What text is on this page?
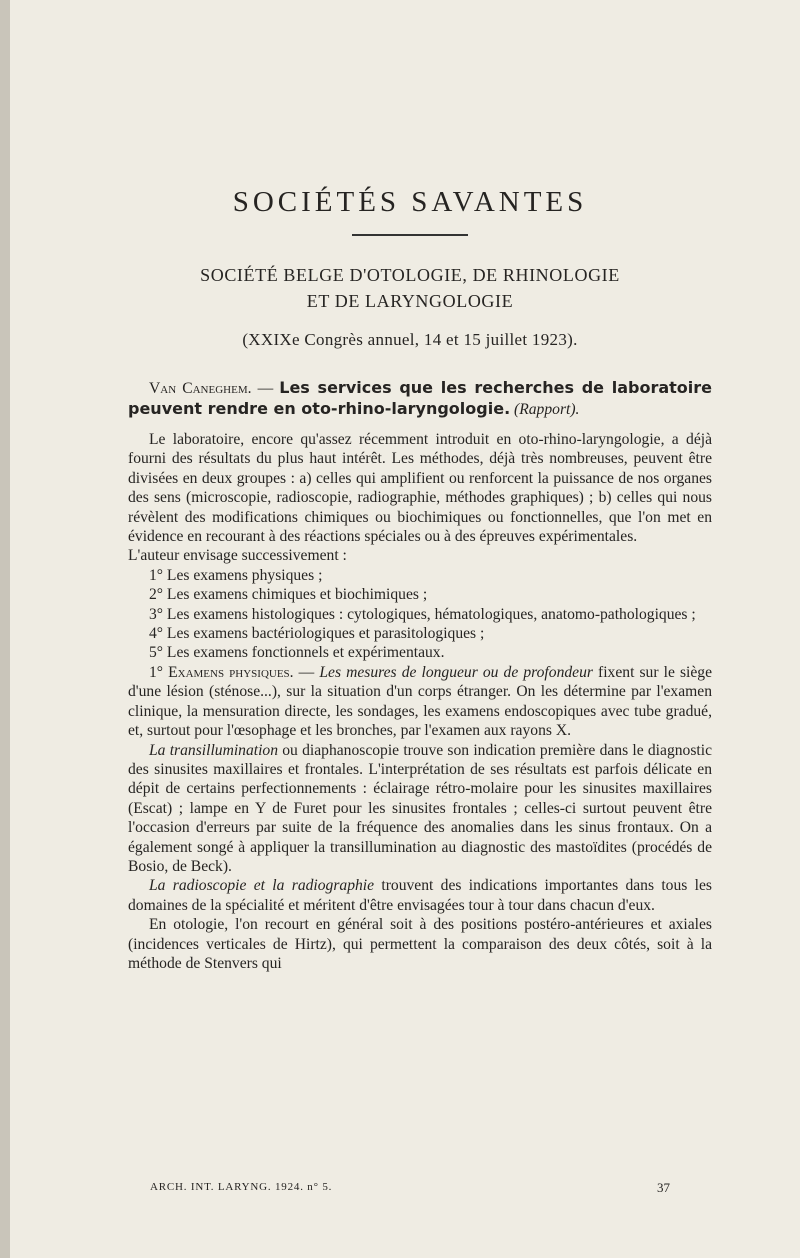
SOCIÉTÉS SAVANTES
SOCIÉTÉ BELGE D'OTOLOGIE, DE RHINOLOGIE
ET DE LARYNGOLOGIE
(XXIXe Congrès annuel, 14 et 15 juillet 1923).

Van Caneghem. — Les services que les recherches de laboratoire peuvent rendre en oto-rhino-laryngologie. (Rapport).

Le laboratoire, encore qu'assez récemment introduit en oto-rhino-laryngologie, a déjà fourni des résultats du plus haut intérêt. Les méthodes, déjà très nombreuses, peuvent être divisées en deux groupes : a) celles qui amplifient ou renforcent la puissance de nos organes des sens (microscopie, radioscopie, radiographie, méthodes graphiques) ; b) celles qui nous révèlent des modifications chimiques ou biochimiques ou fonctionnelles, que l'on met en évidence en recourant à des réactions spéciales ou à des épreuves expérimentales.

L'auteur envisage successivement :

1° Les examens physiques ;

2° Les examens chimiques et biochimiques ;

3° Les examens histologiques : cytologiques, hématologiques, anatomo-pathologiques ;

4° Les examens bactériologiques et parasitologiques ;

5° Les examens fonctionnels et expérimentaux.

1° Examens physiques. — Les mesures de longueur ou de profondeur fixent sur le siège d'une lésion (sténose...), sur la situation d'un corps étranger. On les détermine par l'examen clinique, la mensuration directe, les sondages, les examens endoscopiques avec tube gradué, et, surtout pour l'œsophage et les bronches, par l'examen aux rayons X.

La transillumination ou diaphanoscopie trouve son indication première dans le diagnostic des sinusites maxillaires et frontales. L'interprétation de ses résultats est parfois délicate en dépit de certains perfectionnements : éclairage rétro-molaire pour les sinusites maxillaires (Escat) ; lampe en Y de Furet pour les sinusites frontales ; celles-ci surtout peuvent être l'occasion d'erreurs par suite de la fréquence des anomalies dans les sinus frontaux. On a également songé à appliquer la transillumination au diagnostic des mastoïdites (procédés de Bosio, de Beck).

La radioscopie et la radiographie trouvent des indications importantes dans tous les domaines de la spécialité et méritent d'être envisagées tour à tour dans chacun d'eux.

En otologie, l'on recourt en général soit à des positions postéro-antérieures et axiales (incidences verticales de Hirtz), qui permettent la comparaison des deux côtés, soit à la méthode de Stenvers qui

ARCH. INT. LARYNG. 1924. n° 5.	37
